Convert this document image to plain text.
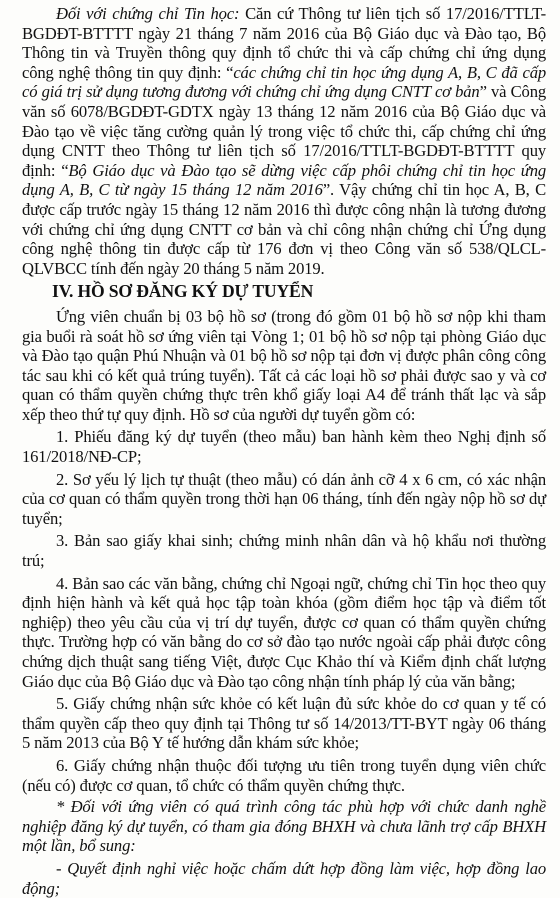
Đối với chứng chỉ Tin học: Căn cứ Thông tư liên tịch số 17/2016/TTLT-BGDĐT-BTTTT ngày 21 tháng 7 năm 2016 của Bộ Giáo dục và Đào tạo, Bộ Thông tin và Truyền thông quy định tổ chức thi và cấp chứng chỉ ứng dụng công nghệ thông tin quy định: “các chứng chỉ tin học ứng dụng A, B, C đã cấp có giá trị sử dụng tương đương với chứng chỉ ứng dụng CNTT cơ bản” và Công văn số 6078/BGDĐT-GDTX ngày 13 tháng 12 năm 2016 của Bộ Giáo dục và Đào tạo về việc tăng cường quản lý trong việc tổ chức thi, cấp chứng chỉ ứng dụng CNTT theo Thông tư liên tịch số 17/2016/TTLT-BGDĐT-BTTTT quy định: “Bộ Giáo dục và Đào tạo sẽ dừng việc cấp phôi chứng chỉ tin học ứng dụng A, B, C từ ngày 15 tháng 12 năm 2016”. Vậy chứng chỉ tin học A, B, C được cấp trước ngày 15 tháng 12 năm 2016 thì được công nhận là tương đương với chứng chỉ ứng dụng CNTT cơ bản và chỉ công nhận chứng chỉ Ứng dụng công nghệ thông tin được cấp từ 176 đơn vị theo Công văn số 538/QLCL-QLVBCC tính đến ngày 20 tháng 5 năm 2019.

IV. HỒ SƠ ĐĂNG KÝ DỰ TUYỂN

Ứng viên chuẩn bị 03 bộ hồ sơ (trong đó gồm 01 bộ hồ sơ nộp khi tham gia buổi rà soát hồ sơ ứng viên tại Vòng 1; 01 bộ hồ sơ nộp tại phòng Giáo dục và Đào tạo quận Phú Nhuận và 01 bộ hồ sơ nộp tại đơn vị được phân công công tác sau khi có kết quả trúng tuyển). Tất cả các loại hồ sơ phải được sao y và cơ quan có thẩm quyền chứng thực trên khổ giấy loại A4 để tránh thất lạc và sắp xếp theo thứ tự quy định. Hồ sơ của người dự tuyển gồm có:

1. Phiếu đăng ký dự tuyển (theo mẫu) ban hành kèm theo Nghị định số 161/2018/NĐ-CP;

2. Sơ yếu lý lịch tự thuật (theo mẫu) có dán ảnh cỡ 4 x 6 cm, có xác nhận của cơ quan có thẩm quyền trong thời hạn 06 tháng, tính đến ngày nộp hồ sơ dự tuyển;

3. Bản sao giấy khai sinh; chứng minh nhân dân và hộ khẩu nơi thường trú;

4. Bản sao các văn bằng, chứng chỉ Ngoại ngữ, chứng chỉ Tin học theo quy định hiện hành và kết quả học tập toàn khóa (gồm điểm học tập và điểm tốt nghiệp) theo yêu cầu của vị trí dự tuyển, được cơ quan có thẩm quyền chứng thực. Trường hợp có văn bằng do cơ sở đào tạo nước ngoài cấp phải được công chứng dịch thuật sang tiếng Việt, được Cục Khảo thí và Kiểm định chất lượng Giáo dục của Bộ Giáo dục và Đào tạo công nhận tính pháp lý của văn bằng;

5. Giấy chứng nhận sức khỏe có kết luận đủ sức khỏe do cơ quan y tế có thẩm quyền cấp theo quy định tại Thông tư số 14/2013/TT-BYT ngày 06 tháng 5 năm 2013 của Bộ Y tế hướng dẫn khám sức khỏe;

6. Giấy chứng nhận thuộc đối tượng ưu tiên trong tuyển dụng viên chức (nếu có) được cơ quan, tổ chức có thẩm quyền chứng thực.

* Đối với ứng viên có quá trình công tác phù hợp với chức danh nghề nghiệp đăng ký dự tuyển, có tham gia đóng BHXH và chưa lãnh trợ cấp BHXH một lần, bổ sung:

- Quyết định nghỉ việc hoặc chấm dứt hợp đồng làm việc, hợp đồng lao động;
